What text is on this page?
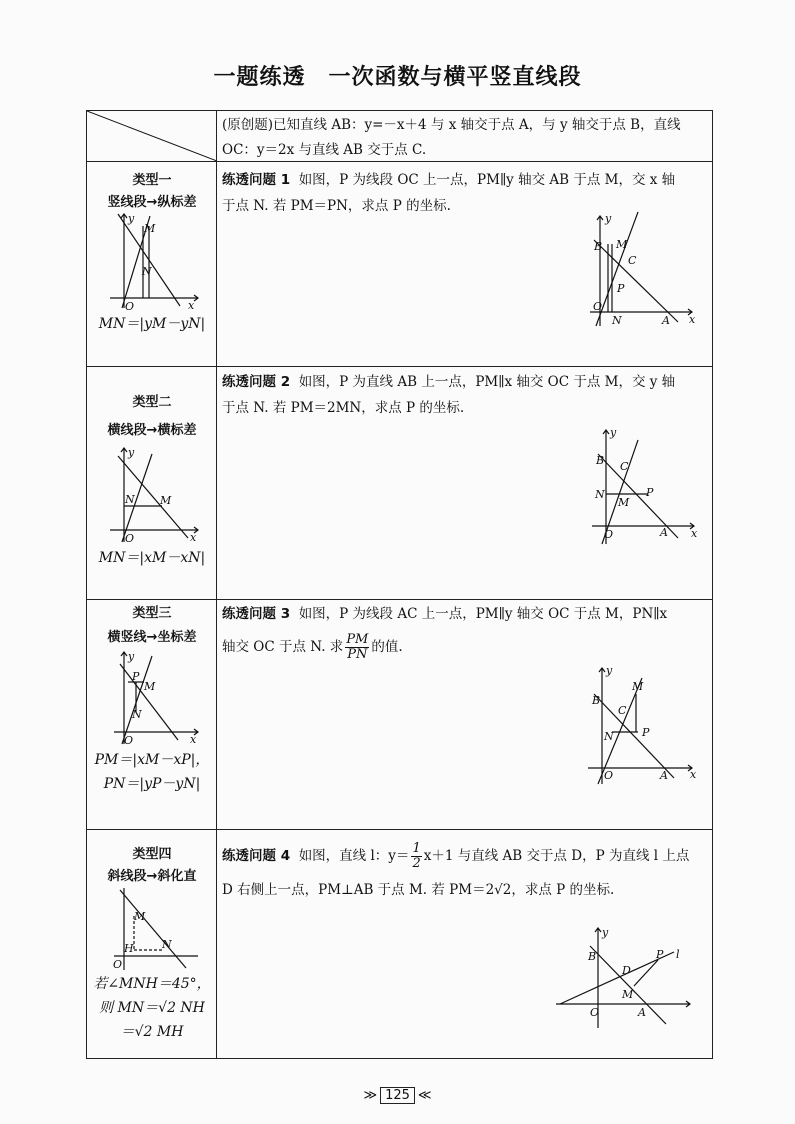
一题练透　一次函数与横平竖直线段
(原创题)已知直线 AB：y=－x＋4 与 x 轴交于点 A，与 y 轴交于点 B，直线
OC：y＝2x 与直线 AB 交于点 C.
类型一
竖线段→纵标差
M
N
O	x
y
MN＝|yM－yN|
练透问题 1 如图，P 为线段 OC 上一点，PM∥y 轴交 AB 于点 M，交 x 轴
于点 N. 若 PM＝PN，求点 P 的坐标.
B M
C
P
O
N	A x
y
类型二
横线段→横标差
N M
O	x
y
MN＝|xM－xN|
练透问题 2 如图，P 为直线 AB 上一点，PM∥x 轴交 OC 于点 M，交 y 轴
于点 N. 若 PM＝2MN，求点 P 的坐标.
B C
N	P
M
O	A x
y
类型三
横竖线→坐标差
P
M
N
O	x
y
PM＝|xM－xP|，
PN＝|yP－yN|
练透问题 3 如图，P 为线段 AC 上一点，PM∥y 轴交 OC 于点 M，PN∥x
轴交 OC 于点 N. 求 $\frac{PM}{PN}$ 的值.
M
B
C
N	P
O	A x
y
类型四
斜线段→斜化直
M
H	N
O
若∠MNH＝45°，
则 MN＝√2 NH
＝√2 MH
练透问题 4 如图，直线 l：$y= \frac{1}{2} x+1$ 与直线 AB 交于点 D，P 为直线 l 上点
D 右侧上一点，PM⊥AB 于点 M. 若 PM＝2√2，求点 P 的坐标.
B
D
P l
M
O	A
y
≫ 125 ≪
